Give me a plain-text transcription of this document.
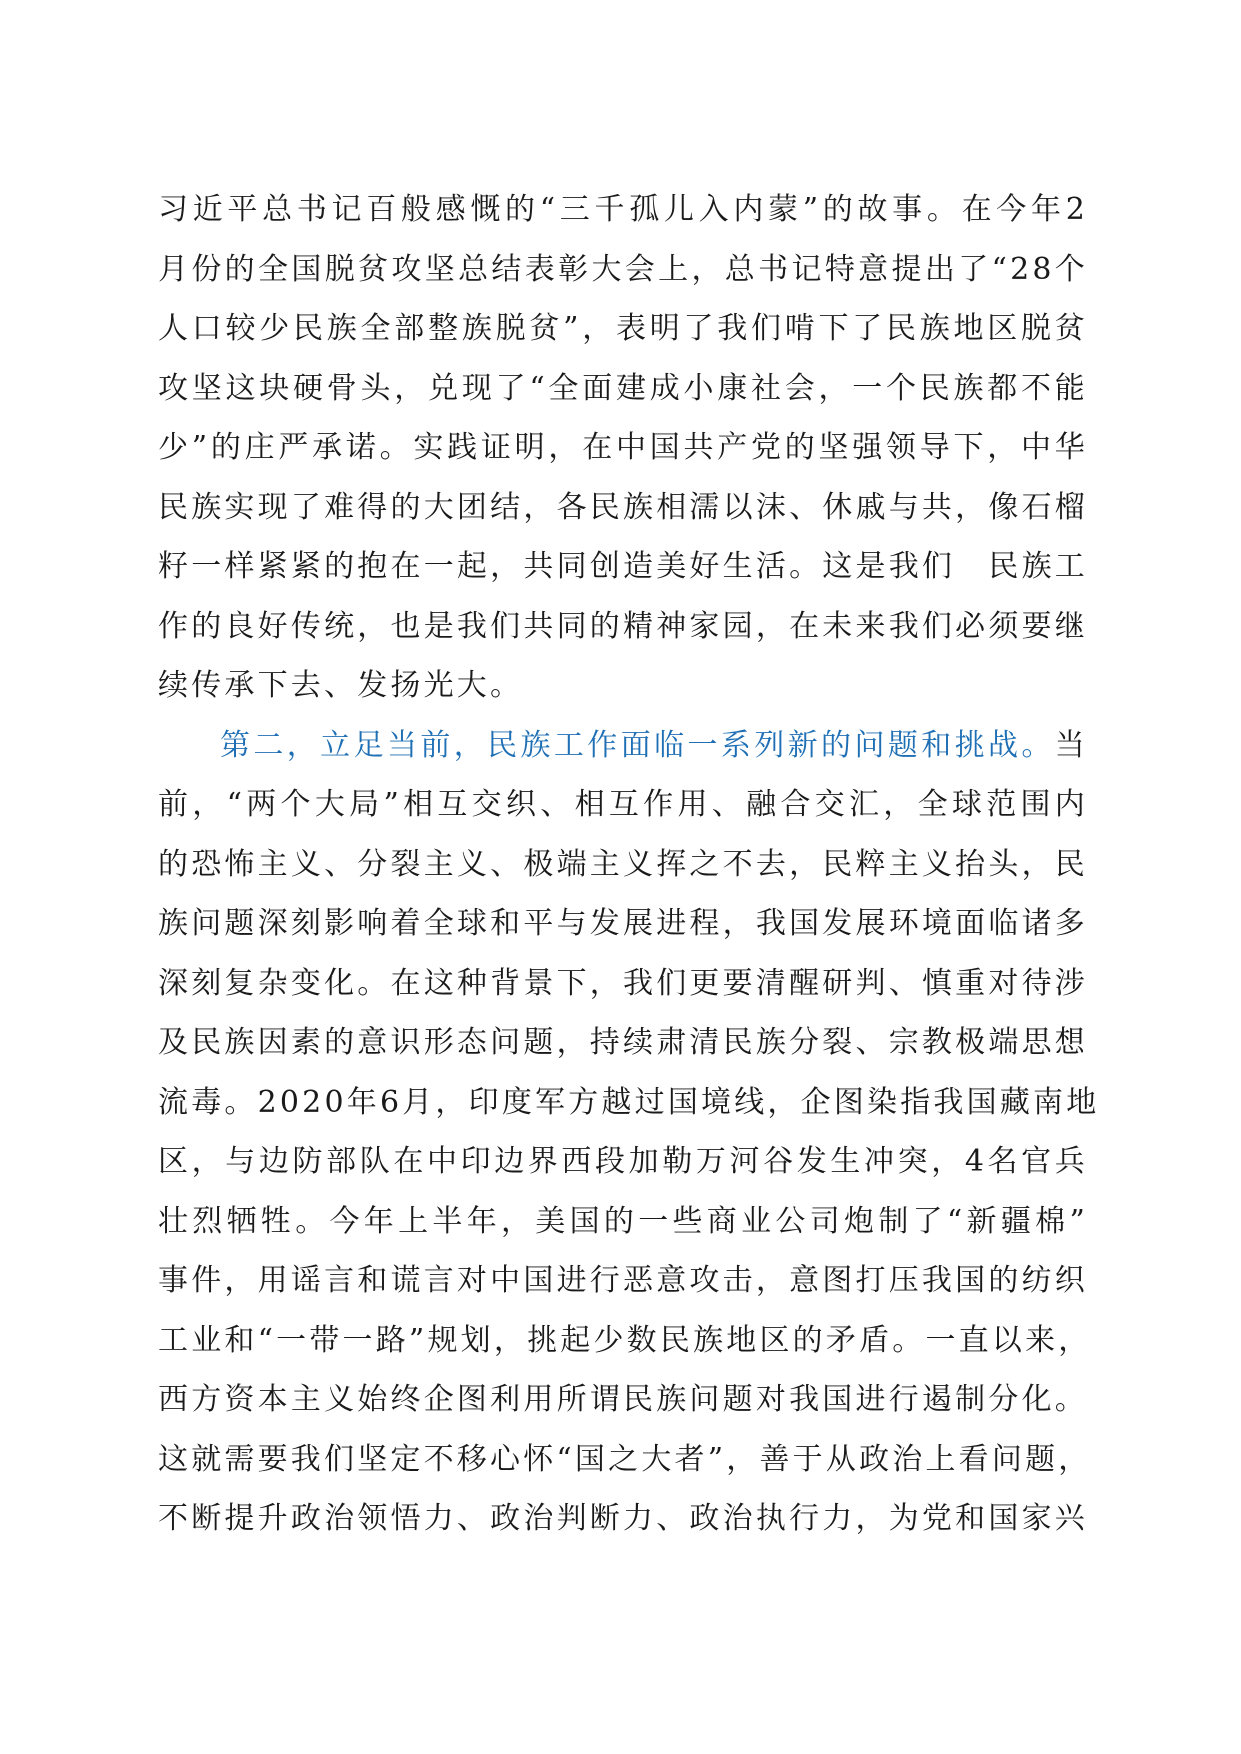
习近平总书记百般感慨的“三千孤儿入内蒙”的故事。在今年2
月份的全国脱贫攻坚总结表彰大会上，总书记特意提出了“28个
人口较少民族全部整族脱贫”，表明了我们啃下了民族地区脱贫
攻坚这块硬骨头，兑现了“全面建成小康社会，一个民族都不能
少”的庄严承诺。实践证明，在中国共产党的坚强领导下，中华
民族实现了难得的大团结，各民族相濡以沫、休戚与共，像石榴
籽一样紧紧的抱在一起，共同创造美好生活。这是我们　民族工
作的良好传统，也是我们共同的精神家园，在未来我们必须要继
续传承下去、发扬光大。
第二，立足当前，民族工作面临一系列新的问题和挑战。当
前，“两个大局”相互交织、相互作用、融合交汇，全球范围内
的恐怖主义、分裂主义、极端主义挥之不去，民粹主义抬头，民
族问题深刻影响着全球和平与发展进程，我国发展环境面临诸多
深刻复杂变化。在这种背景下，我们更要清醒研判、慎重对待涉
及民族因素的意识形态问题，持续肃清民族分裂、宗教极端思想
流毒。2020年6月，印度军方越过国境线，企图染指我国藏南地
区，与边防部队在中印边界西段加勒万河谷发生冲突，4名官兵
壮烈牺牲。今年上半年，美国的一些商业公司炮制了“新疆棉”
事件，用谣言和谎言对中国进行恶意攻击，意图打压我国的纺织
工业和“一带一路”规划，挑起少数民族地区的矛盾。一直以来，
西方资本主义始终企图利用所谓民族问题对我国进行遏制分化。
这就需要我们坚定不移心怀“国之大者”，善于从政治上看问题，
不断提升政治领悟力、政治判断力、政治执行力，为党和国家兴
